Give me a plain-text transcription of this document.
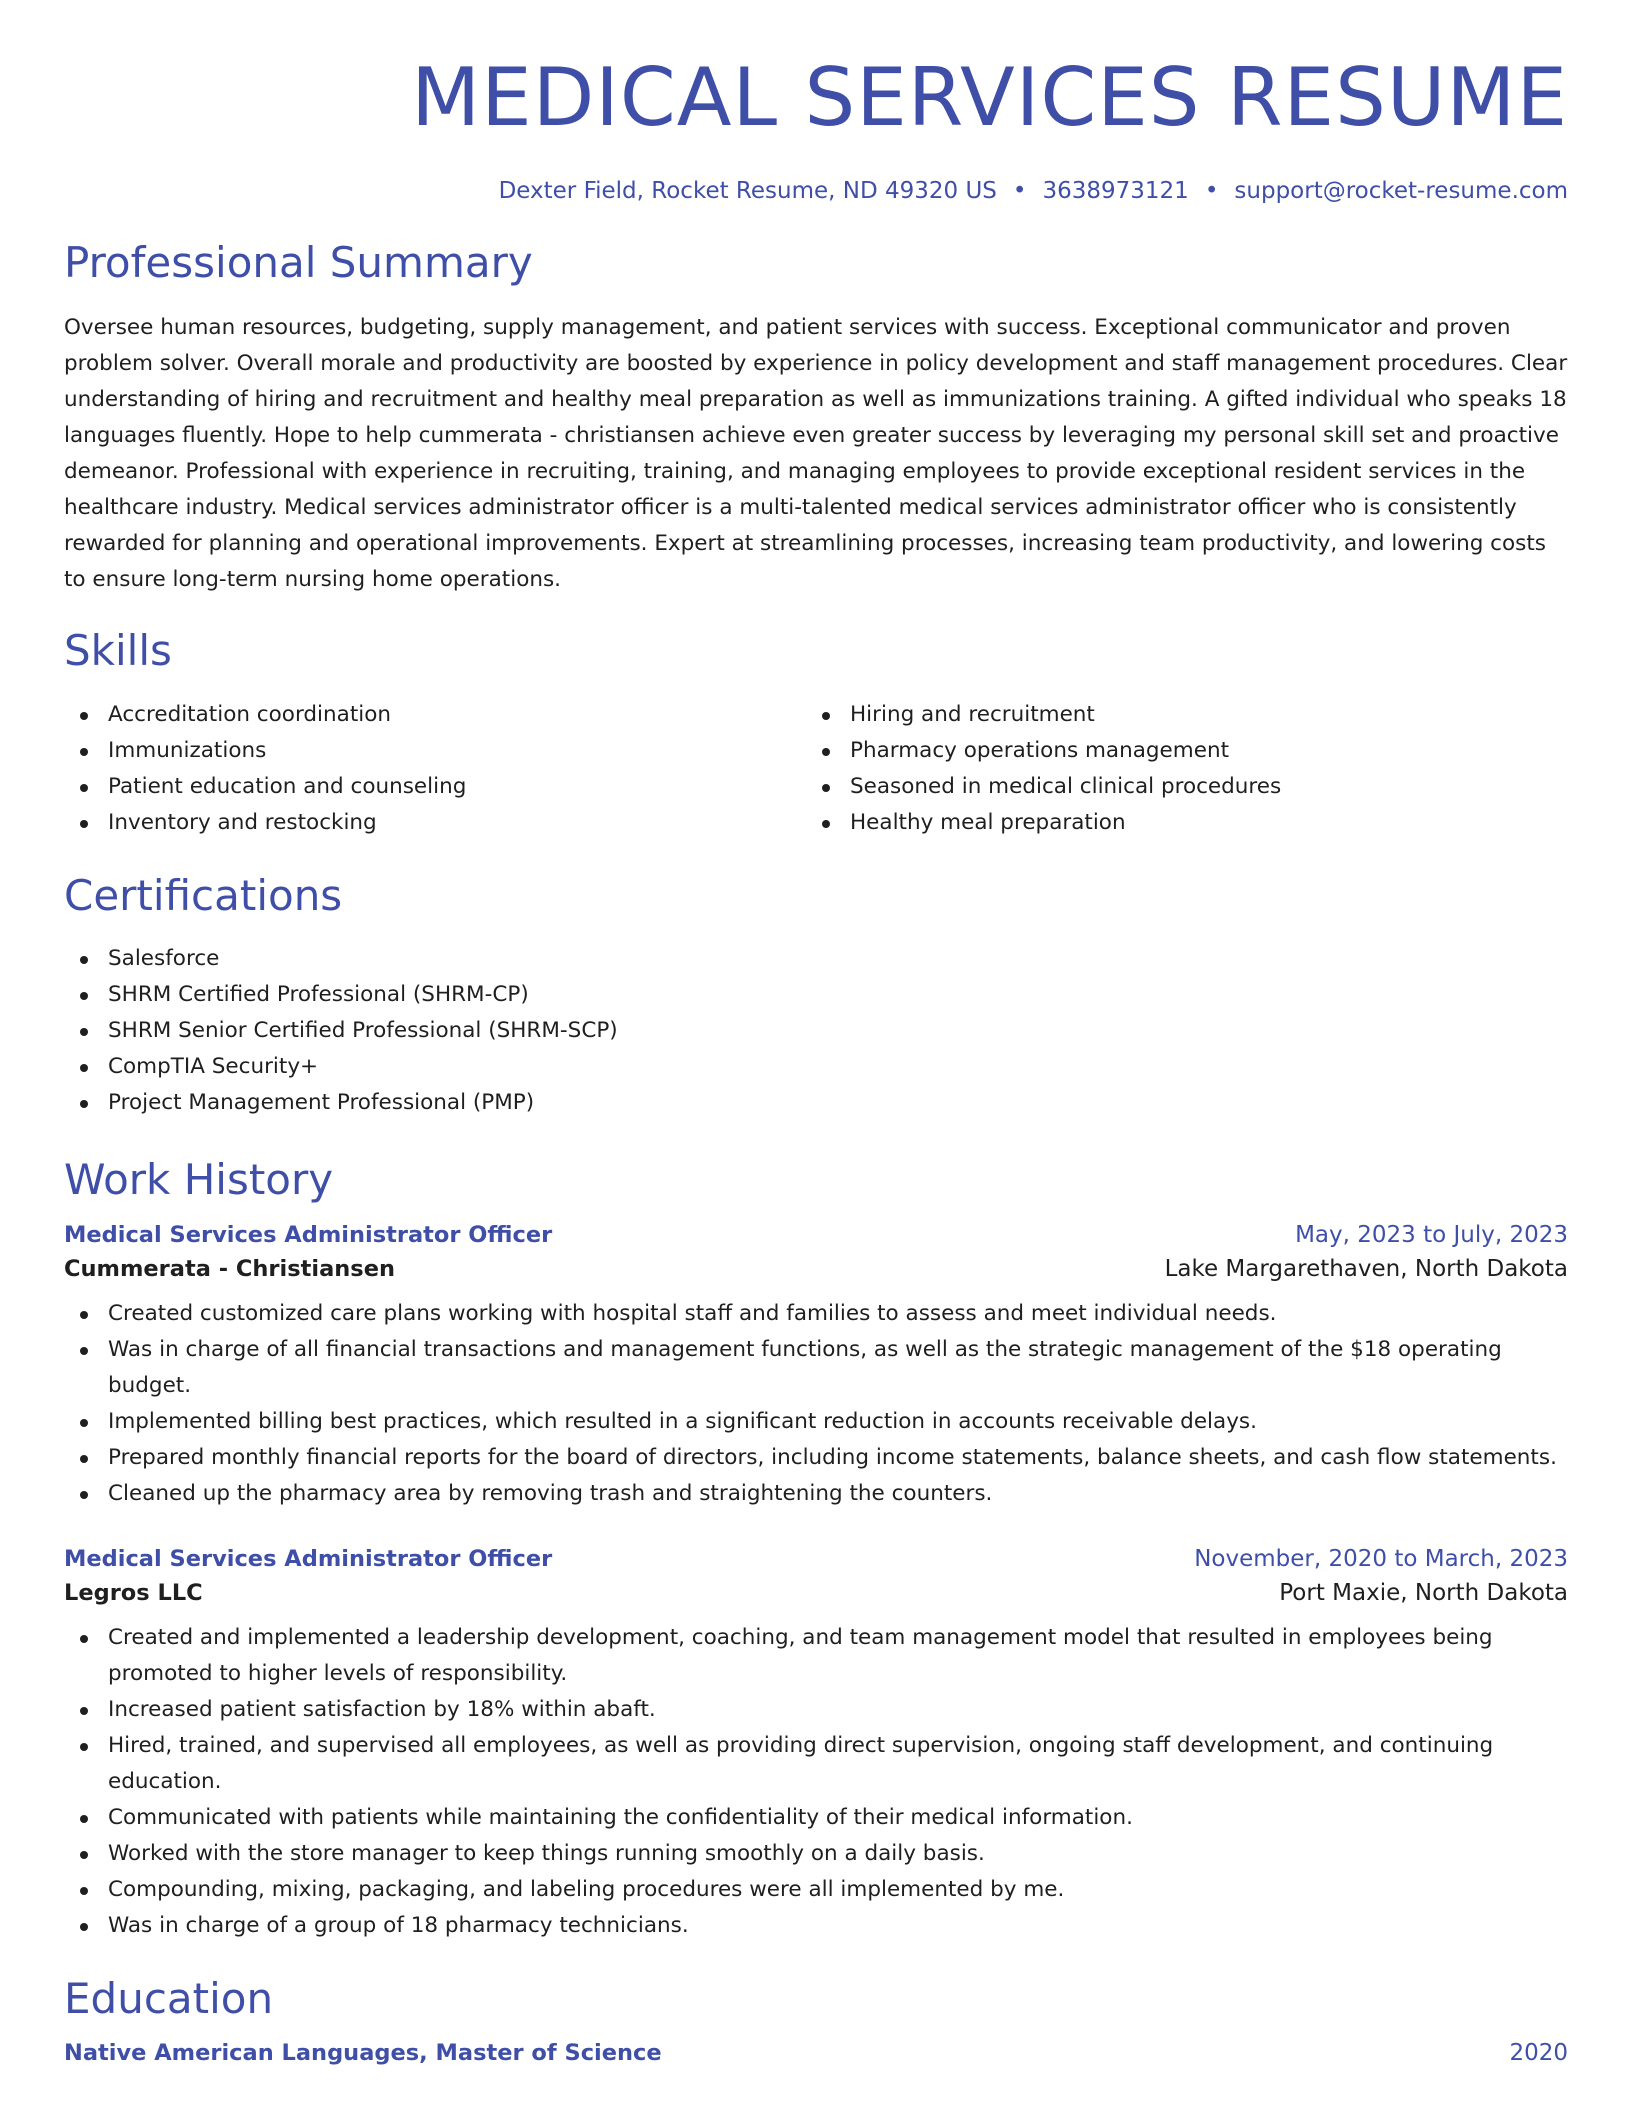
MEDICAL SERVICES RESUME
Dexter Field, Rocket Resume, ND 49320 US • 3638973121 • support@rocket-resume.com
Professional Summary

Oversee human resources, budgeting, supply management, and patient services with success. Exceptional communicator and proven problem solver. Overall morale and productivity are boosted by experience in policy development and staff management procedures. Clear understanding of hiring and recruitment and healthy meal preparation as well as immunizations training. A gifted individual who speaks 18 languages fluently. Hope to help cummerata - christiansen achieve even greater success by leveraging my personal skill set and proactive demeanor. Professional with experience in recruiting, training, and managing employees to provide exceptional resident services in the healthcare industry. Medical services administrator officer is a multi-talented medical services administrator officer who is consistently rewarded for planning and operational improvements. Expert at streamlining processes, increasing team productivity, and lowering costs to ensure long-term nursing home operations.

Skills
Accreditation coordination
Immunizations
Patient education and counseling
Inventory and restocking
Hiring and recruitment
Pharmacy operations management
Seasoned in medical clinical procedures
Healthy meal preparation
Certifications
Salesforce
SHRM Certified Professional (SHRM-CP)
SHRM Senior Certified Professional (SHRM-SCP)
CompTIA Security+
Project Management Professional (PMP)
Work History
Medical Services Administrator Officer	May, 2023 to July, 2023
Cummerata - Christiansen	Lake Margarethaven, North Dakota
Created customized care plans working with hospital staff and families to assess and meet individual needs.
Was in charge of all financial transactions and management functions, as well as the strategic management of the $18 operating budget.
Implemented billing best practices, which resulted in a significant reduction in accounts receivable delays.
Prepared monthly financial reports for the board of directors, including income statements, balance sheets, and cash flow statements.
Cleaned up the pharmacy area by removing trash and straightening the counters.
Medical Services Administrator Officer	November, 2020 to March, 2023
Legros LLC	Port Maxie, North Dakota
Created and implemented a leadership development, coaching, and team management model that resulted in employees being promoted to higher levels of responsibility.
Increased patient satisfaction by 18% within abaft.
Hired, trained, and supervised all employees, as well as providing direct supervision, ongoing staff development, and continuing education.
Communicated with patients while maintaining the confidentiality of their medical information.
Worked with the store manager to keep things running smoothly on a daily basis.
Compounding, mixing, packaging, and labeling procedures were all implemented by me.
Was in charge of a group of 18 pharmacy technicians.
Education
Native American Languages, Master of Science	2020
